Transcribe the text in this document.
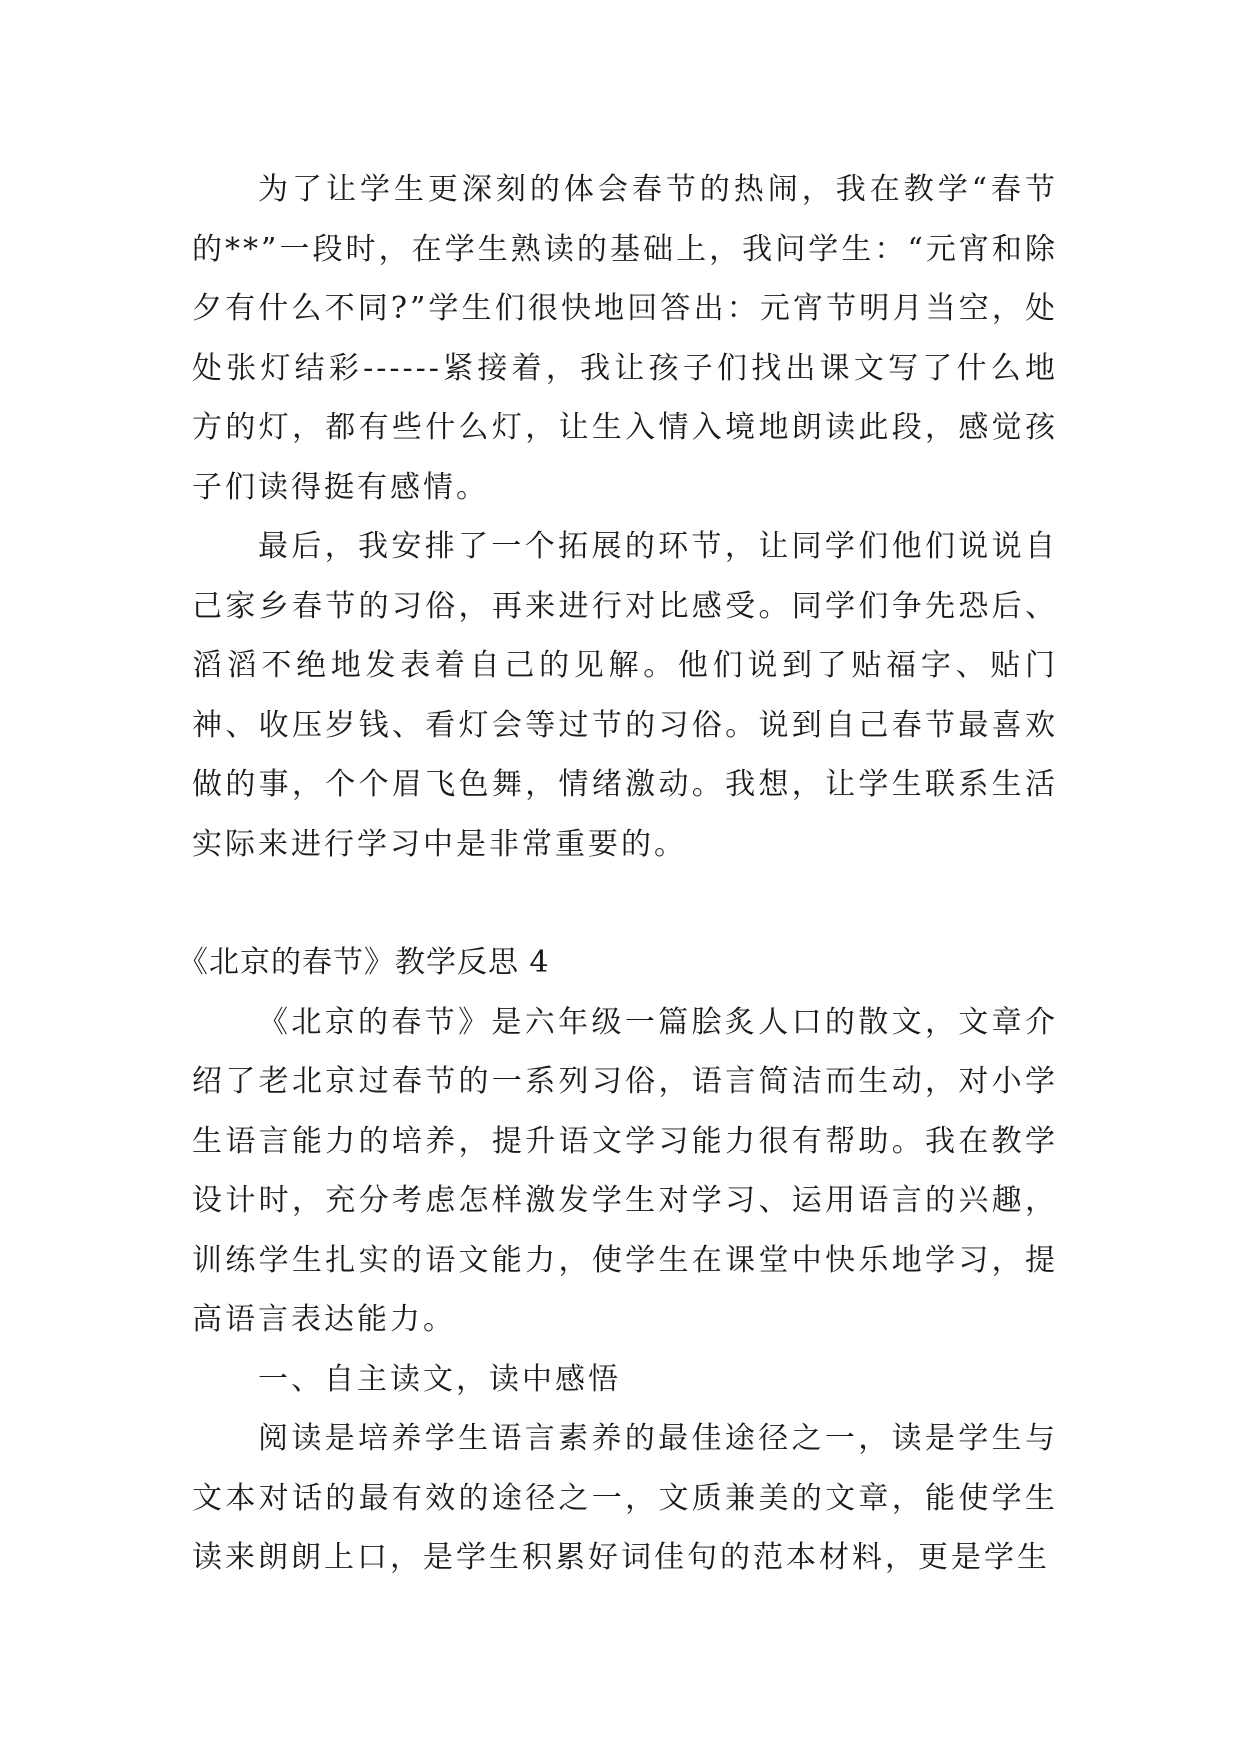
为了让学生更深刻的体会春节的热闹，我在教学“春节的**”一段时，在学生熟读的基础上，我问学生：“元宵和除夕有什么不同?”学生们很快地回答出：元宵节明月当空，处处张灯结彩------紧接着，我让孩子们找出课文写了什么地方的灯，都有些什么灯，让生入情入境地朗读此段，感觉孩子们读得挺有感情。

最后，我安排了一个拓展的环节，让同学们他们说说自己家乡春节的习俗，再来进行对比感受。同学们争先恐后、滔滔不绝地发表着自己的见解。他们说到了贴福字、贴门神、收压岁钱、看灯会等过节的习俗。说到自己春节最喜欢做的事，个个眉飞色舞，情绪激动。我想，让学生联系生活实际来进行学习中是非常重要的。

《北京的春节》教学反思 4

《北京的春节》是六年级一篇脍炙人口的散文，文章介绍了老北京过春节的一系列习俗，语言简洁而生动，对小学生语言能力的培养，提升语文学习能力很有帮助。我在教学设计时，充分考虑怎样激发学生对学习、运用语言的兴趣，训练学生扎实的语文能力，使学生在课堂中快乐地学习，提高语言表达能力。

一、自主读文，读中感悟

阅读是培养学生语言素养的最佳途径之一，读是学生与文本对话的最有效的途径之一，文质兼美的文章，能使学生读来朗朗上口，是学生积累好词佳句的范本材料，更是学生
